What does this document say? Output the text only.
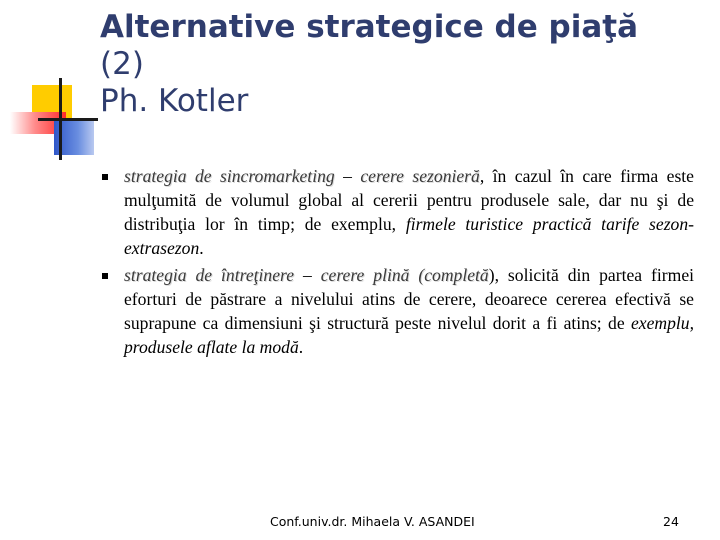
Alternative strategice de piaţă
(2)
Ph. Kotler
strategia de sincromarketing – cerere sezonieră, în cazul în care firma este mulţumită de volumul global al cererii pentru produsele sale, dar nu şi de distribuţia lor în timp; de exemplu, firmele turistice practică tarife sezon-extrasezon.
strategia de întreţinere – cerere plină (completă), solicită din partea firmei eforturi de păstrare a nivelului atins de cerere, deoarece cererea efectivă se suprapune ca dimensiuni şi structură peste nivelul dorit a fi atins; de exemplu, produsele aflate la modă.
Conf.univ.dr. Mihaela V. ASANDEI	24
